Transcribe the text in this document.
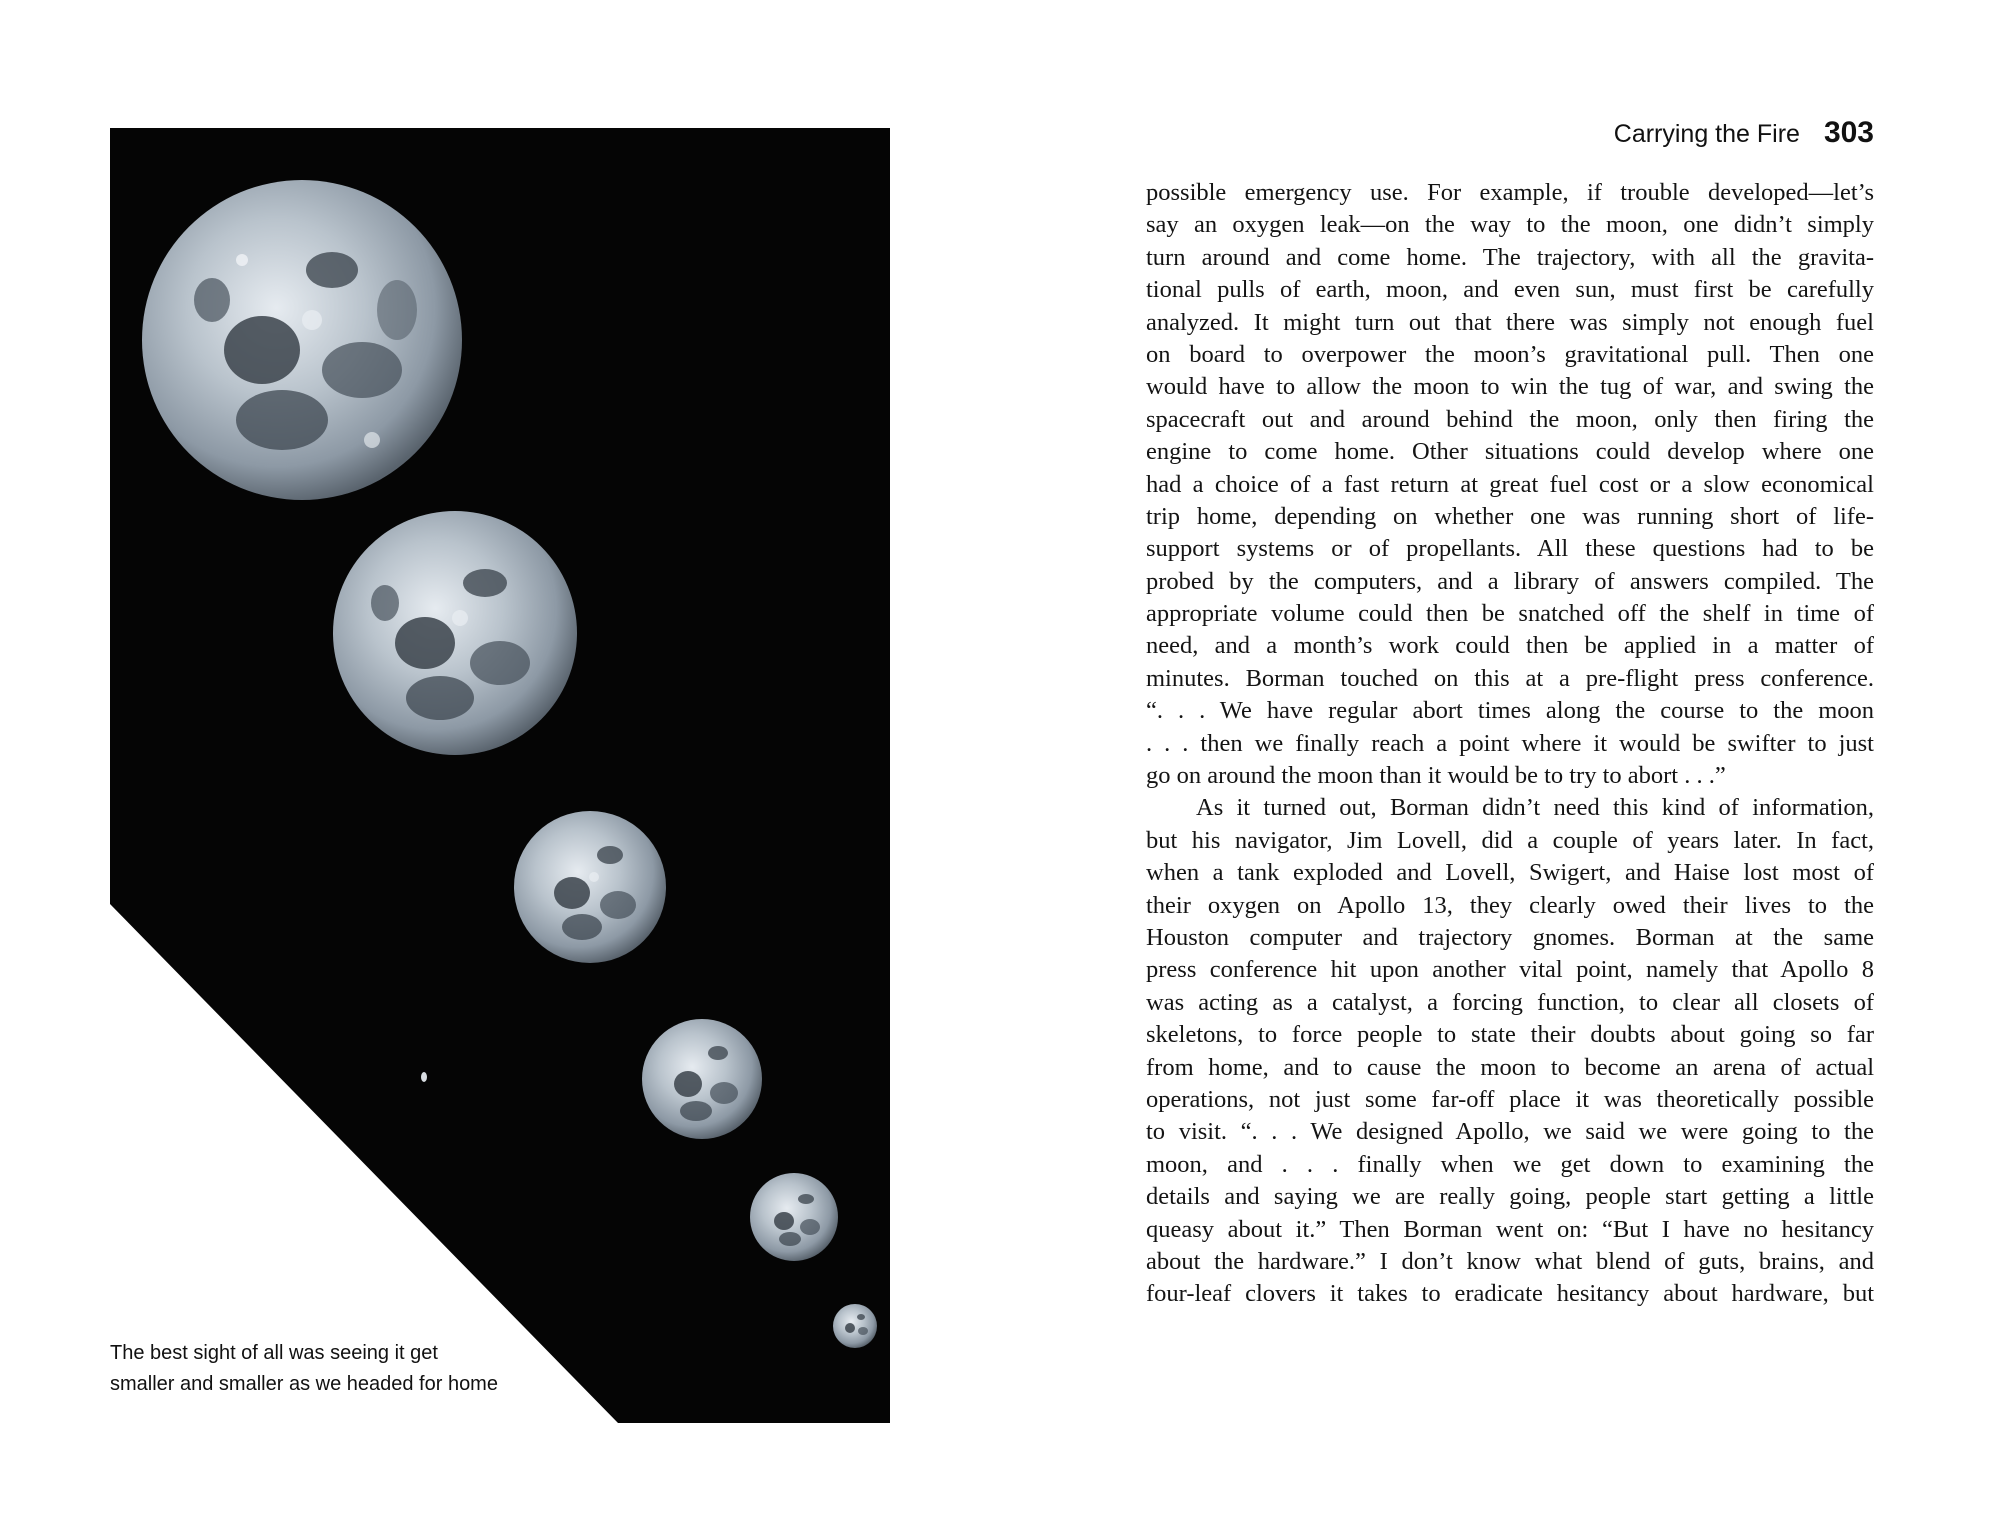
The best sight of all was seeing it get
smaller and smaller as we headed for home
Carrying the Fire 303
possible emergency use. For example, if trouble developed—let’s
say an oxygen leak—on the way to the moon, one didn’t simply
turn around and come home. The trajectory, with all the gravita-
tional pulls of earth, moon, and even sun, must first be carefully
analyzed. It might turn out that there was simply not enough fuel
on board to overpower the moon’s gravitational pull. Then one
would have to allow the moon to win the tug of war, and swing the
spacecraft out and around behind the moon, only then firing the
engine to come home. Other situations could develop where one
had a choice of a fast return at great fuel cost or a slow economical
trip home, depending on whether one was running short of life-
support systems or of propellants. All these questions had to be
probed by the computers, and a library of answers compiled. The
appropriate volume could then be snatched off the shelf in time of
need, and a month’s work could then be applied in a matter of
minutes. Borman touched on this at a pre-flight press conference.
“. . . We have regular abort times along the course to the moon
. . . then we finally reach a point where it would be swifter to just
go on around the moon than it would be to try to abort . . .”
As it turned out, Borman didn’t need this kind of information,
but his navigator, Jim Lovell, did a couple of years later. In fact,
when a tank exploded and Lovell, Swigert, and Haise lost most of
their oxygen on Apollo 13, they clearly owed their lives to the
Houston computer and trajectory gnomes. Borman at the same
press conference hit upon another vital point, namely that Apollo 8
was acting as a catalyst, a forcing function, to clear all closets of
skeletons, to force people to state their doubts about going so far
from home, and to cause the moon to become an arena of actual
operations, not just some far-off place it was theoretically possible
to visit. “. . . We designed Apollo, we said we were going to the
moon, and . . . finally when we get down to examining the
details and saying we are really going, people start getting a little
queasy about it.” Then Borman went on: “But I have no hesitancy
about the hardware.” I don’t know what blend of guts, brains, and
four-leaf clovers it takes to eradicate hesitancy about hardware, but
